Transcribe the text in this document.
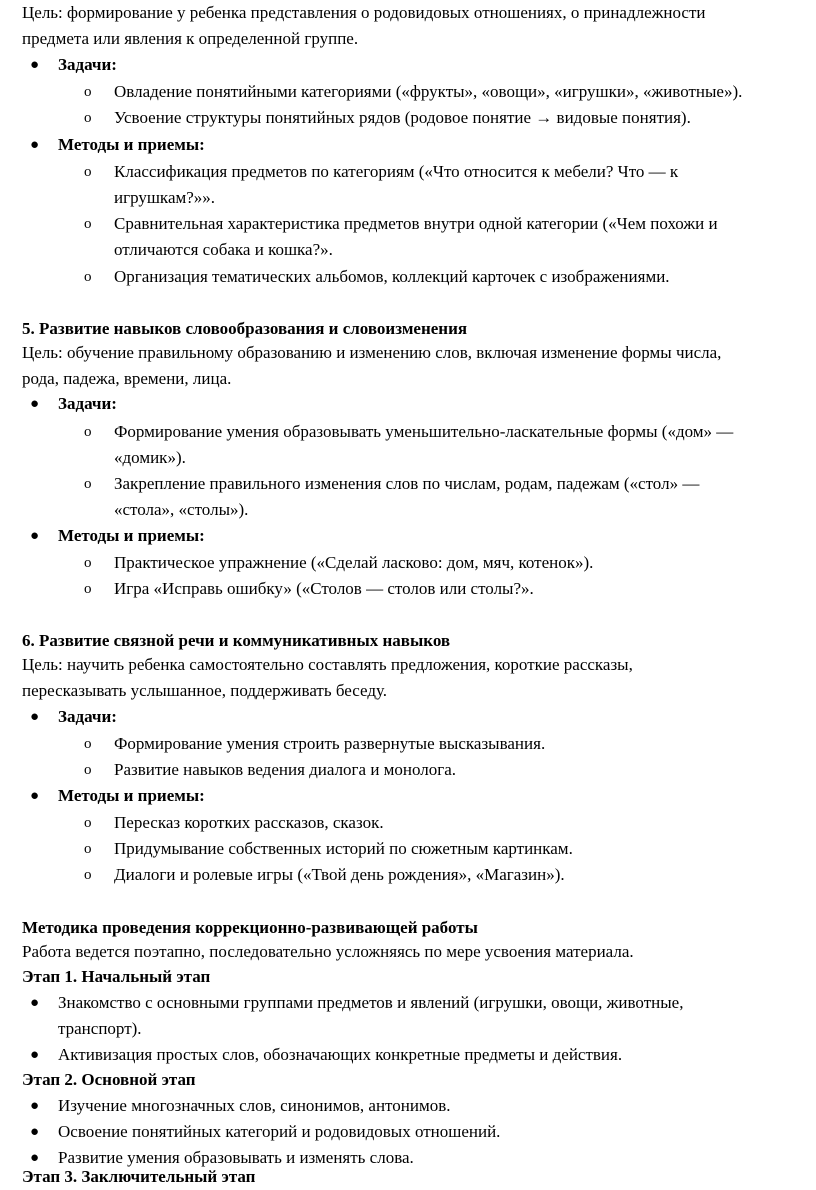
Цель: формирование у ребенка представления о родовидовых отношениях, о принадлежности
предмета или явления к определенной группе.
● Задачи:
o	Овладение понятийными категориями («фрукты», «овощи», «игрушки», «животные»).
o	Усвоение структуры понятийных рядов (родовое понятие → видовые понятия).
● Методы и приемы:
o	Классификация предметов по категориям («Что относится к мебели? Что — к
игрушкам?»».
o	Сравнительная характеристика предметов внутри одной категории («Чем похожи и
отличаются собака и кошка?».
o	Организация тематических альбомов, коллекций карточек с изображениями.
5. Развитие навыков словообразования и словоизменения
Цель: обучение правильному образованию и изменению слов, включая изменение формы числа,
рода, падежа, времени, лица.
● Задачи:
o	Формирование умения образовывать уменьшительно-ласкательные формы («дом» —
«домик»).
o	Закрепление правильного изменения слов по числам, родам, падежам («стол» —
«стола», «столы»).
● Методы и приемы:
o	Практическое упражнение («Сделай ласково: дом, мяч, котенок»).
o	Игра «Исправь ошибку» («Столов — столов или столы?».
6. Развитие связной речи и коммуникативных навыков
Цель: научить ребенка самостоятельно составлять предложения, короткие рассказы,
пересказывать услышанное, поддерживать беседу.
● Задачи:
o	Формирование умения строить развернутые высказывания.
o	Развитие навыков ведения диалога и монолога.
● Методы и приемы:
o	Пересказ коротких рассказов, сказок.
o	Придумывание собственных историй по сюжетным картинкам.
o	Диалоги и ролевые игры («Твой день рождения», «Магазин»).
Методика проведения коррекционно-развивающей работы
Работа ведется поэтапно, последовательно усложняясь по мере усвоения материала.
Этап 1. Начальный этап
● Знакомство с основными группами предметов и явлений (игрушки, овощи, животные,
транспорт).
● Активизация простых слов, обозначающих конкретные предметы и действия.
Этап 2. Основной этап
● Изучение многозначных слов, синонимов, антонимов.
● Освоение понятийных категорий и родовидовых отношений.
● Развитие умения образовывать и изменять слова.
Этап 3. Заключительный этап
